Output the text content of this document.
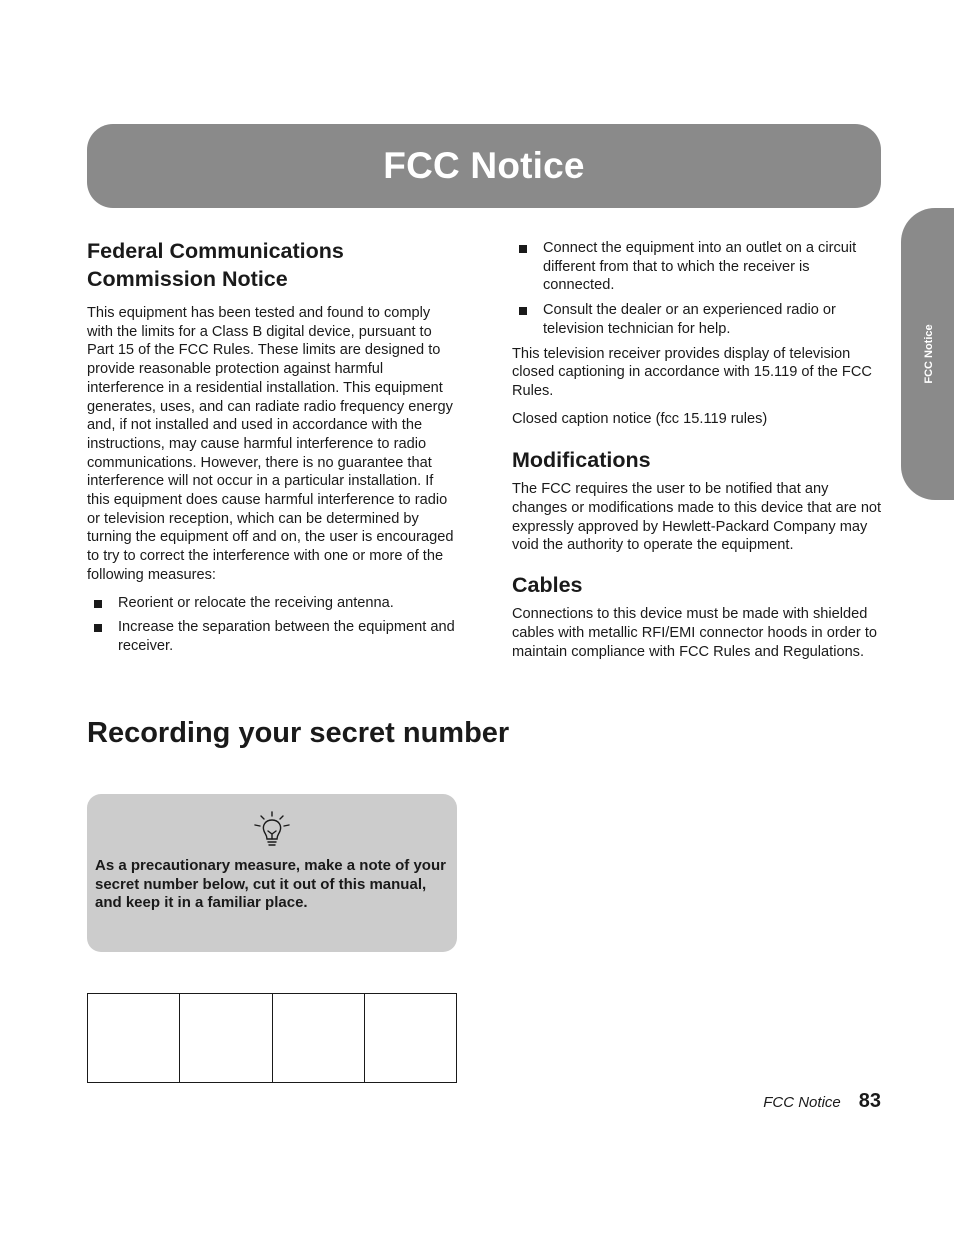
FCC Notice
FCC Notice
Federal Communications Commission Notice

This equipment has been tested and found to comply with the limits for a Class B digital device, pursuant to Part 15 of the FCC Rules. These limits are designed to provide reasonable protection against harmful interference in a residential installation. This equipment generates, uses, and can radiate radio frequency energy and, if not installed and used in accordance with the instructions, may cause harmful interference to radio communications. However, there is no guarantee that interference will not occur in a particular installation. If this equipment does cause harmful interference to radio or television reception, which can be determined by turning the equipment off and on, the user is encouraged to try to correct the interference with one or more of the following measures:

Reorient or relocate the receiving antenna.
Increase the separation between the equipment and receiver.
Connect the equipment into an outlet on a circuit different from that to which the receiver is connected.
Consult the dealer or an experienced radio or television technician for help.

This television receiver provides display of television closed captioning in accordance with 15.119 of the FCC Rules.

Closed caption notice (fcc 15.119 rules)

Modifications

The FCC requires the user to be notified that any changes or modifications made to this device that are not expressly approved by Hewlett-Packard Company may void the authority to operate the equipment.

Cables

Connections to this device must be made with shielded cables with metallic RFI/EMI connector hoods in order to maintain compliance with FCC Rules and Regulations.

Recording your secret number

As a precautionary measure, make a note of your secret number below, cut it out of this manual, and keep it in a familiar place.

FCC Notice 83
